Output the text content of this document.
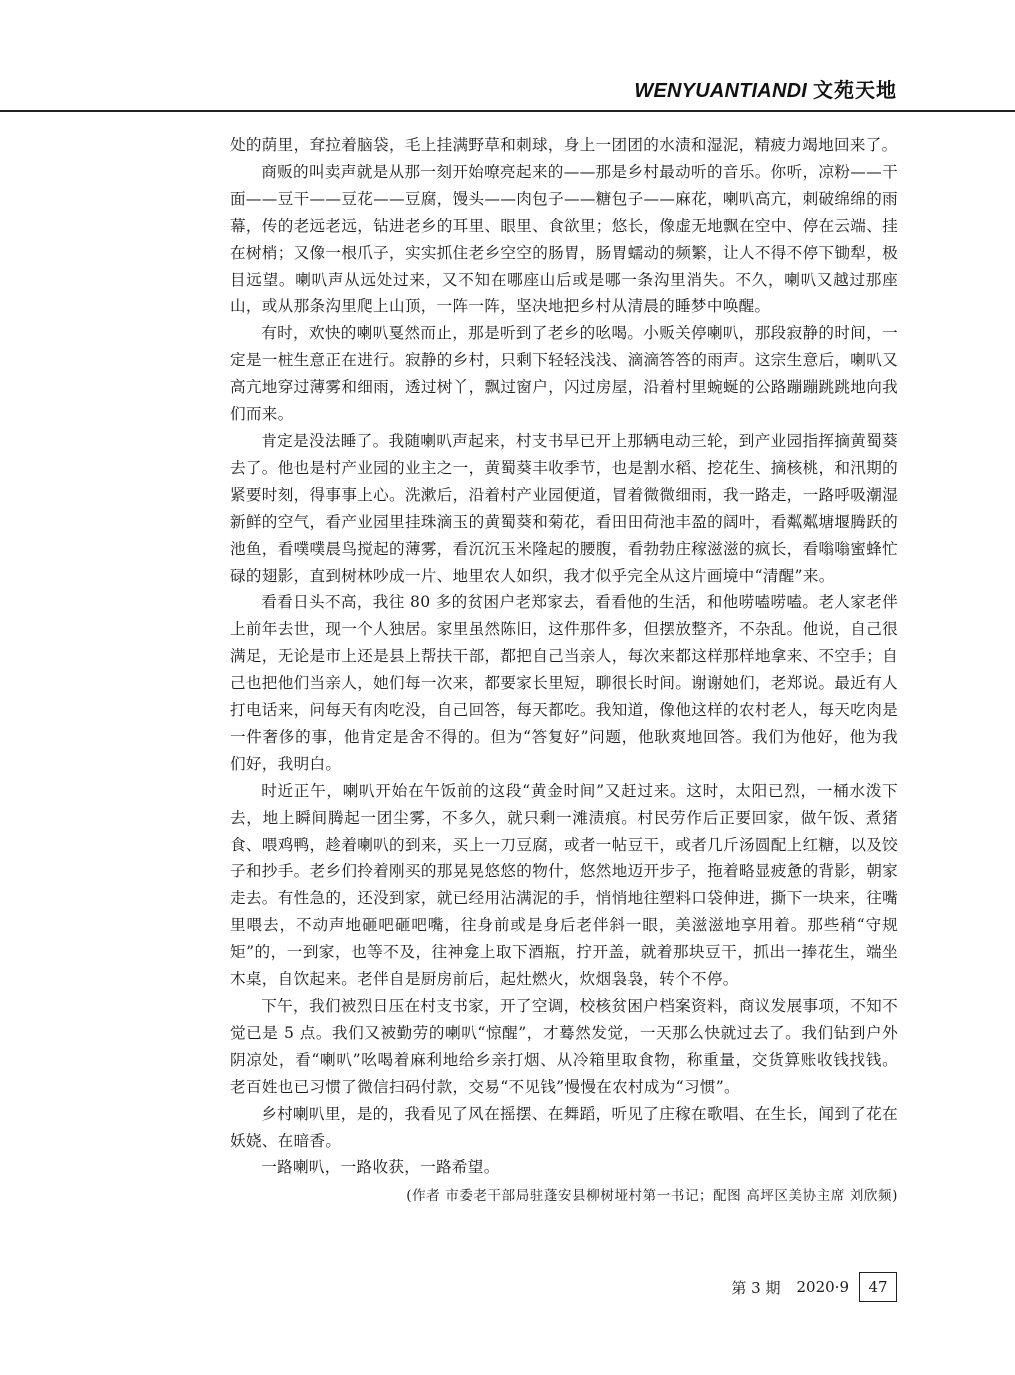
WENYUANTIANDI 文苑天地

处的荫里，耷拉着脑袋，毛上挂满野草和刺球，身上一团团的水渍和湿泥，精疲力竭地回来了。

商贩的叫卖声就是从那一刻开始嘹亮起来的——那是乡村最动听的音乐。你听，凉粉——干面——豆干——豆花——豆腐，馒头——肉包子——糖包子——麻花，喇叭高亢，刺破绵绵的雨幕，传的老远老远，钻进老乡的耳里、眼里、食欲里；悠长，像虚无地飘在空中、停在云端、挂在树梢；又像一根爪子，实实抓住老乡空空的肠胃，肠胃蠕动的频繁，让人不得不停下锄犁，极目远望。喇叭声从远处过来，又不知在哪座山后或是哪一条沟里消失。不久，喇叭又越过那座山，或从那条沟里爬上山顶，一阵一阵，坚决地把乡村从清晨的睡梦中唤醒。

有时，欢快的喇叭戛然而止，那是听到了老乡的吆喝。小贩关停喇叭，那段寂静的时间，一定是一桩生意正在进行。寂静的乡村，只剩下轻轻浅浅、滴滴答答的雨声。这宗生意后，喇叭又高亢地穿过薄雾和细雨，透过树丫，飘过窗户，闪过房屋，沿着村里蜿蜒的公路蹦蹦跳跳地向我们而来。

肯定是没法睡了。我随喇叭声起来，村支书早已开上那辆电动三轮，到产业园指挥摘黄蜀葵去了。他也是村产业园的业主之一，黄蜀葵丰收季节，也是割水稻、挖花生、摘核桃，和汛期的紧要时刻，得事事上心。洗漱后，沿着村产业园便道，冒着微微细雨，我一路走，一路呼吸潮湿新鲜的空气，看产业园里挂珠滴玉的黄蜀葵和菊花，看田田荷池丰盈的阔叶，看粼粼塘堰腾跃的池鱼，看噗噗晨鸟搅起的薄雾，看沉沉玉米隆起的腰腹，看勃勃庄稼滋滋的疯长，看嗡嗡蜜蜂忙碌的翅影，直到树林吵成一片、地里农人如织，我才似乎完全从这片画境中“清醒”来。

看看日头不高，我往 80 多的贫困户老郑家去，看看他的生活，和他唠嗑唠嗑。老人家老伴上前年去世，现一个人独居。家里虽然陈旧，这件那件多，但摆放整齐，不杂乱。他说，自己很满足，无论是市上还是县上帮扶干部，都把自己当亲人，每次来都这样那样地拿来、不空手；自己也把他们当亲人，她们每一次来，都要家长里短，聊很长时间。谢谢她们，老郑说。最近有人打电话来，问每天有肉吃没，自己回答，每天都吃。我知道，像他这样的农村老人，每天吃肉是一件奢侈的事，他肯定是舍不得的。但为“答复好”问题，他耿爽地回答。我们为他好，他为我们好，我明白。

时近正午，喇叭开始在午饭前的这段“黄金时间”又赶过来。这时，太阳已烈，一桶水泼下去，地上瞬间腾起一团尘雾，不多久，就只剩一滩渍痕。村民劳作后正要回家，做午饭、煮猪食、喂鸡鸭，趁着喇叭的到来，买上一刀豆腐，或者一帖豆干，或者几斤汤圆配上红糖，以及饺子和抄手。老乡们拎着刚买的那晃晃悠悠的物什，悠然地迈开步子，拖着略显疲惫的背影，朝家走去。有性急的，还没到家，就已经用沾满泥的手，悄悄地往塑料口袋伸进，撕下一块来，往嘴里喂去，不动声地砸吧砸吧嘴，往身前或是身后老伴斜一眼，美滋滋地享用着。那些稍“守规矩”的，一到家，也等不及，往神龛上取下酒瓶，拧开盖，就着那块豆干，抓出一捧花生，端坐木桌，自饮起来。老伴自是厨房前后，起灶燃火，炊烟袅袅，转个不停。

下午，我们被烈日压在村支书家，开了空调，校核贫困户档案资料，商议发展事项，不知不觉已是 5 点。我们又被勤劳的喇叭“惊醒”，才蓦然发觉，一天那么快就过去了。我们钻到户外阴凉处，看“喇叭”吆喝着麻利地给乡亲打烟、从冷箱里取食物，称重量，交货算账收钱找钱。老百姓也已习惯了微信扫码付款，交易“不见钱”慢慢在农村成为“习惯”。

乡村喇叭里，是的，我看见了风在摇摆、在舞蹈，听见了庄稼在歌唱、在生长，闻到了花在妖娆、在暗香。

一路喇叭，一路收获，一路希望。

(作者 市委老干部局驻蓬安县柳树垭村第一书记；配图 高坪区美协主席 刘欣频)

第 3 期 2020·9	47
